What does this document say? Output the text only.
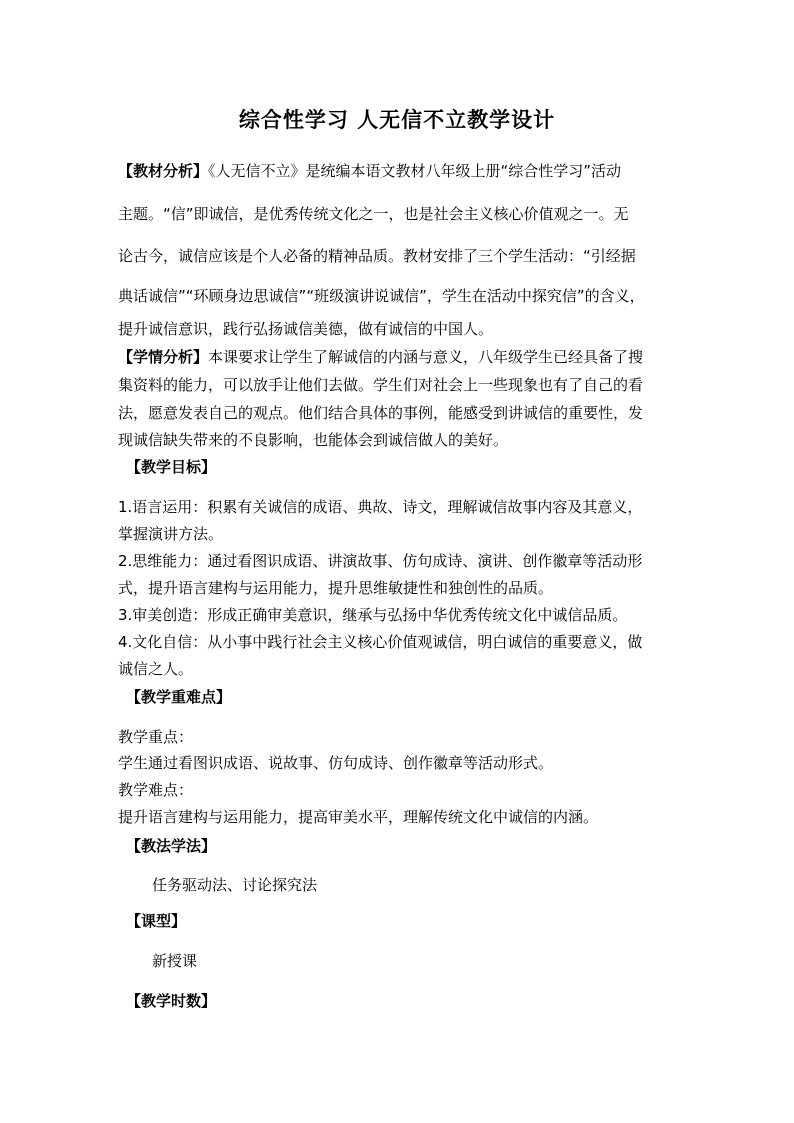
综合性学习 人无信不立教学设计
【教材分析】《人无信不立》是统编本语文教材八年级上册“综合性学习”活动
主题。“信”即诚信，是优秀传统文化之一，也是社会主义核心价值观之一。无
论古今，诚信应该是个人必备的精神品质。教材安排了三个学生活动：“引经据
典话诚信”“环顾身边思诚信”“班级演讲说诚信”，学生在活动中探究信”的含义，
提升诚信意识，践行弘扬诚信美德，做有诚信的中国人。
【学情分析】本课要求让学生了解诚信的内涵与意义，八年级学生已经具备了搜
集资料的能力，可以放手让他们去做。学生们对社会上一些现象也有了自己的看
法，愿意发表自己的观点。他们结合具体的事例，能感受到讲诚信的重要性，发
现诚信缺失带来的不良影响，也能体会到诚信做人的美好。
【教学目标】
1.语言运用：积累有关诚信的成语、典故、诗文，理解诚信故事内容及其意义，
掌握演讲方法。
2.思维能力：通过看图识成语、讲演故事、仿句成诗、演讲、创作徽章等活动形
式，提升语言建构与运用能力，提升思维敏捷性和独创性的品质。
3.审美创造：形成正确审美意识，继承与弘扬中华优秀传统文化中诚信品质。
4.文化自信：从小事中践行社会主义核心价值观诚信，明白诚信的重要意义，做
诚信之人。
【教学重难点】
教学重点：
学生通过看图识成语、说故事、仿句成诗、创作徽章等活动形式。
教学难点：
提升语言建构与运用能力，提高审美水平，理解传统文化中诚信的内涵。
【教法学法】
任务驱动法、讨论探究法
【课型】
新授课
【教学时数】
